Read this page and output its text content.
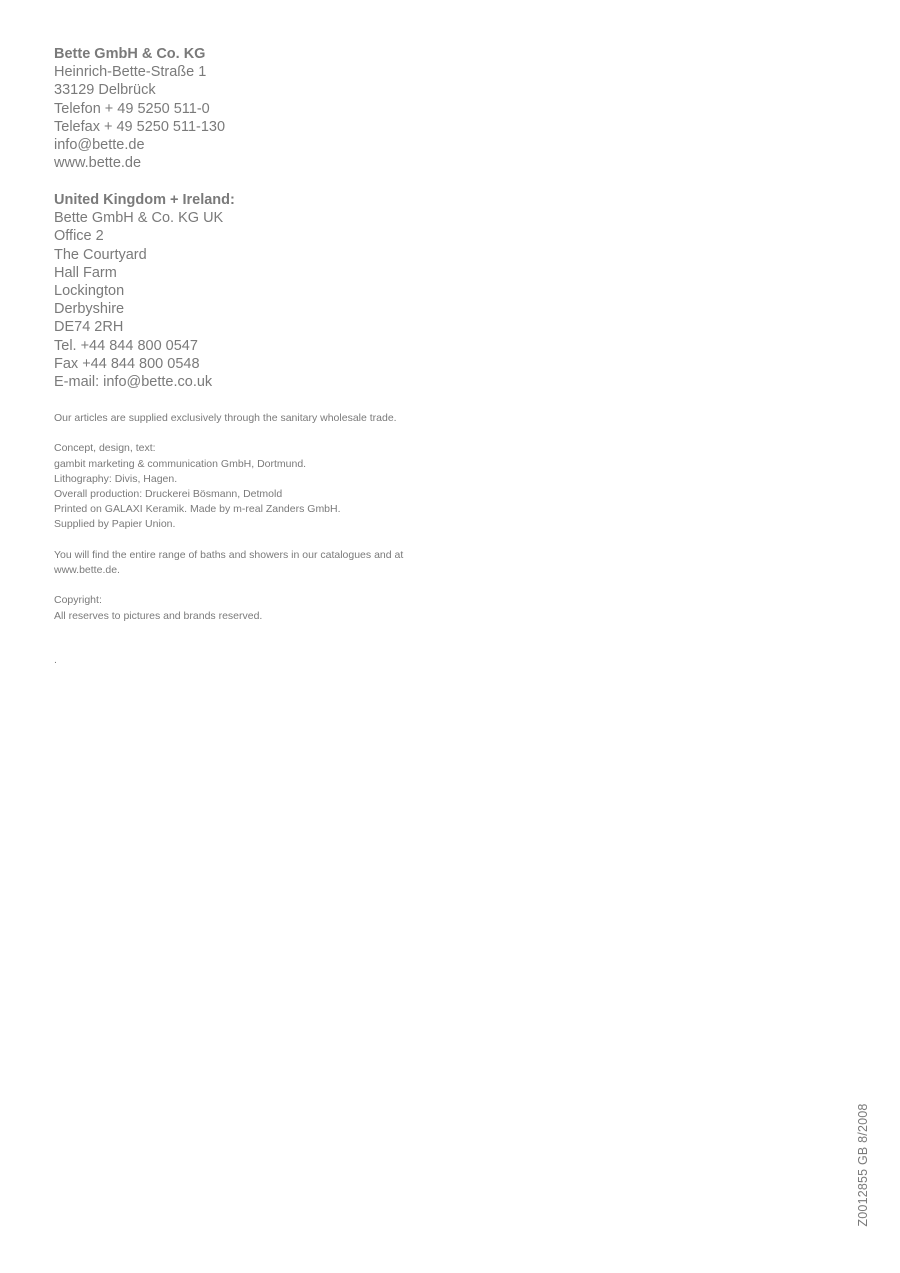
Bette GmbH & Co. KG
Heinrich-Bette-Straße 1
33129 Delbrück
Telefon + 49 5250 511-0
Telefax + 49 5250 511-130
info@bette.de
www.bette.de
United Kingdom + Ireland:
Bette GmbH & Co. KG UK
Office 2
The Courtyard
Hall Farm
Lockington
Derbyshire
DE74 2RH
Tel. +44 844 800 0547
Fax +44 844 800 0548
E-mail: info@bette.co.uk
Our articles are supplied exclusively through the sanitary wholesale trade.
Concept, design, text:
gambit marketing & communication GmbH, Dortmund.
Lithography: Divis, Hagen.
Overall production: Druckerei Bösmann, Detmold
Printed on GALAXI Keramik. Made by m-real Zanders GmbH.
Supplied by Papier Union.
You will find the entire range of baths and showers in our catalogues and at www.bette.de.
Copyright:
All reserves to pictures and brands reserved.
.
Z0012855 GB 8/2008
